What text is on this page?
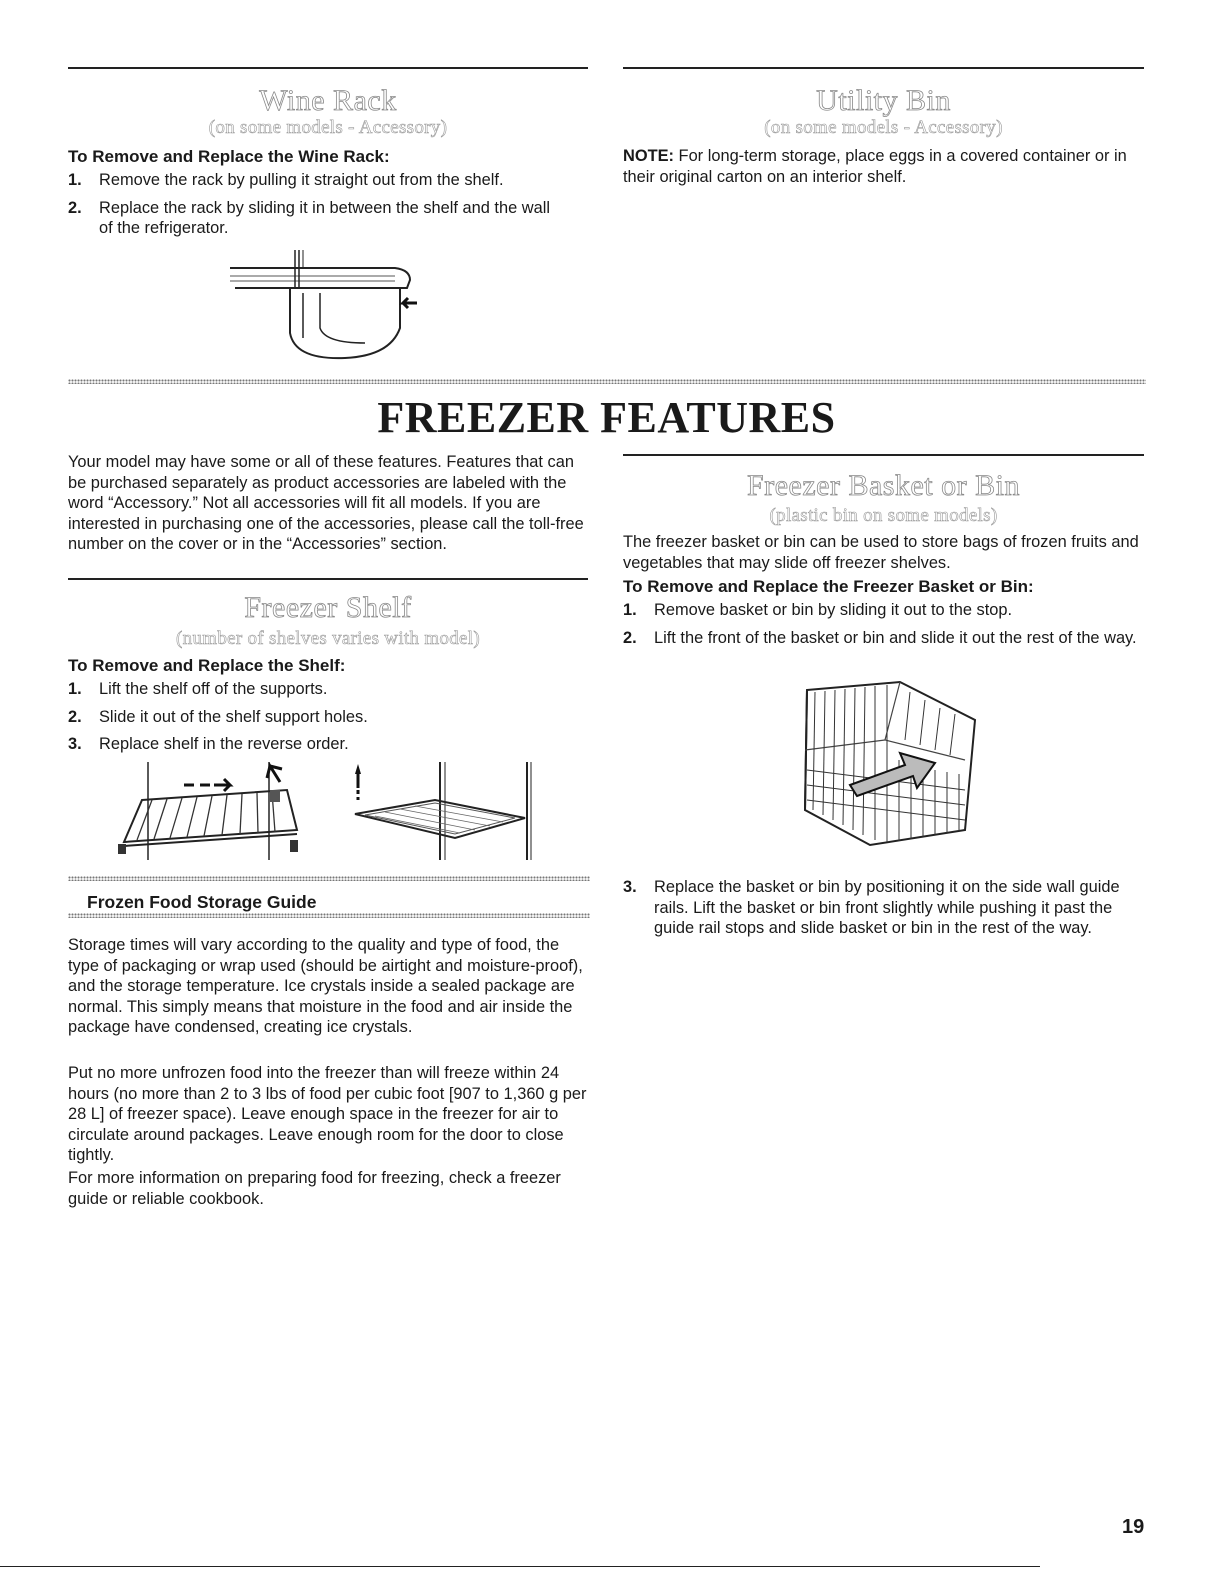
Wine Rack
(on some models - Accessory)
To Remove and Replace the Wine Rack:
1. Remove the rack by pulling it straight out from the shelf.
2. Replace the rack by sliding it in between the shelf and the wall of the refrigerator.
Utility Bin
(on some models - Accessory)

NOTE: For long-term storage, place eggs in a covered container or in their original carton on an interior shelf.

FREEZER FEATURES

Your model may have some or all of these features. Features that can be purchased separately as product accessories are labeled with the word “Accessory.” Not all accessories will fit all models. If you are interested in purchasing one of the accessories, please call the toll-free number on the cover or in the “Accessories” section.

Freezer Shelf
(number of shelves varies with model)
To Remove and Replace the Shelf:
1. Lift the shelf off of the supports.
2. Slide it out of the shelf support holes.
3. Replace shelf in the reverse order.
Frozen Food Storage Guide

Storage times will vary according to the quality and type of food, the type of packaging or wrap used (should be airtight and moisture-proof), and the storage temperature. Ice crystals inside a sealed package are normal. This simply means that moisture in the food and air inside the package have condensed, creating ice crystals.

Put no more unfrozen food into the freezer than will freeze within 24 hours (no more than 2 to 3 lbs of food per cubic foot [907 to 1,360 g per 28 L] of freezer space). Leave enough space in the freezer for air to circulate around packages. Leave enough room for the door to close tightly.

For more information on preparing food for freezing, check a freezer guide or reliable cookbook.

Freezer Basket or Bin
(plastic bin on some models)

The freezer basket or bin can be used to store bags of frozen fruits and vegetables that may slide off freezer shelves.

To Remove and Replace the Freezer Basket or Bin:
1. Remove basket or bin by sliding it out to the stop.
2. Lift the front of the basket or bin and slide it out the rest of the way.
3. Replace the basket or bin by positioning it on the side wall guide rails. Lift the basket or bin front slightly while pushing it past the guide rail stops and slide basket or bin in the rest of the way.
19
